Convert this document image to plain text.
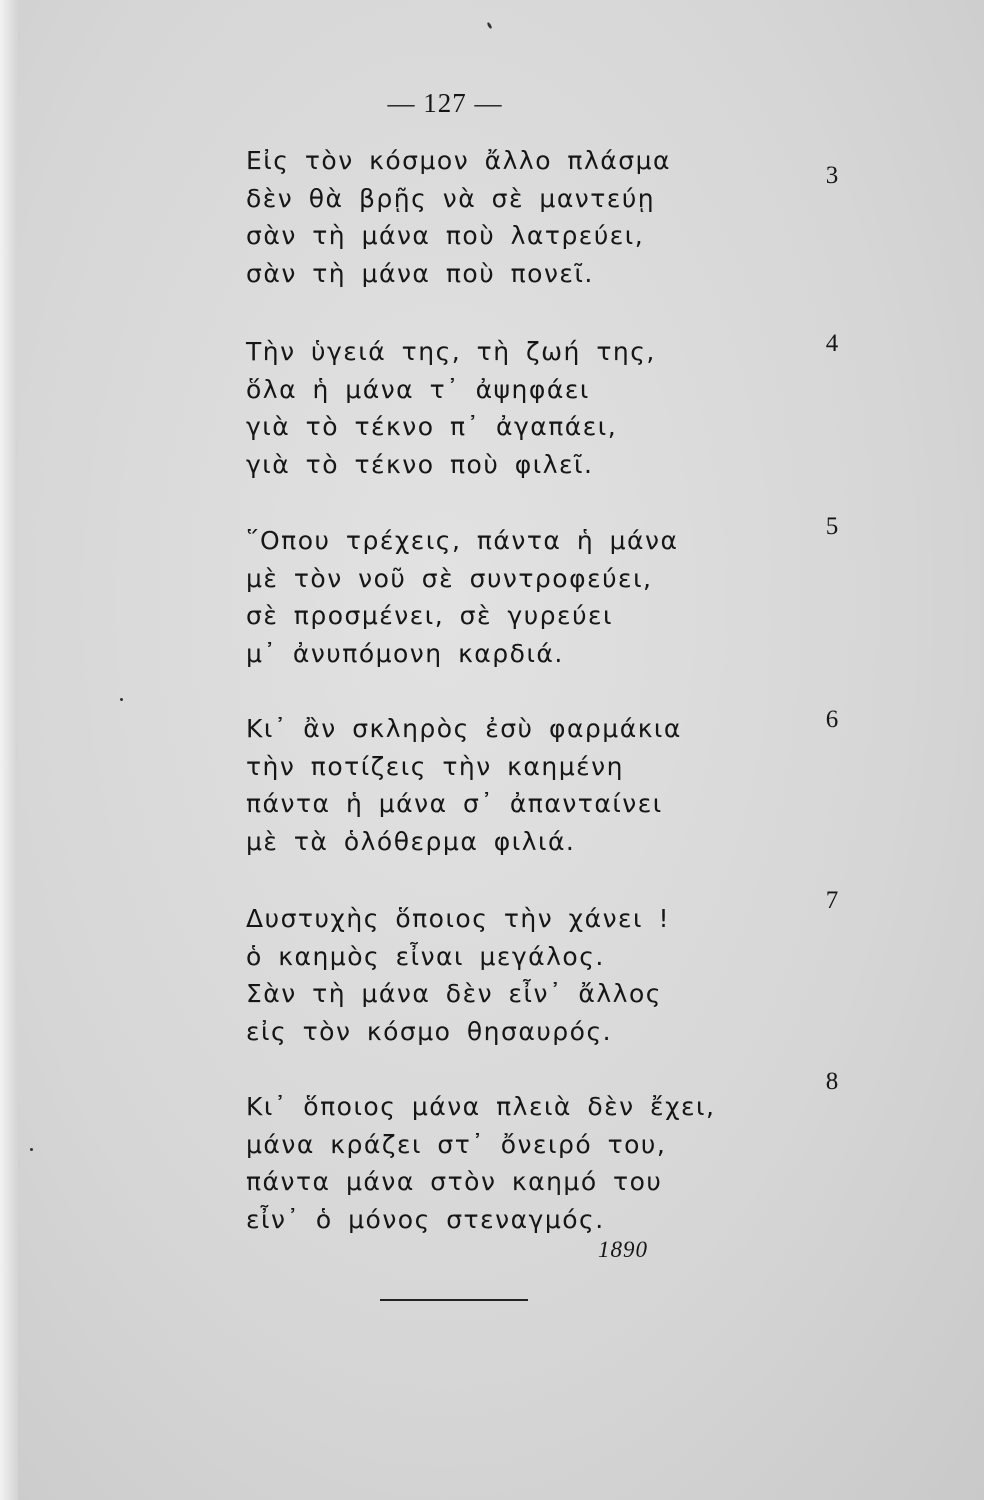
— 127 —
Εἰς τὸν κόσμον ἄλλο πλάσμα
δὲν θὰ βρῇς νὰ σὲ μαντεύῃ
σὰν τὴ μάνα ποὺ λατρεύει,
σὰν τὴ μάνα ποὺ πονεῖ.
3
Τὴν ὑγειά της, τὴ ζωή της,
ὅλα ἡ μάνα τ᾿ ἀψηφάει
γιὰ τὸ τέκνο π᾿ ἀγαπάει,
γιὰ τὸ τέκνο ποὺ φιλεῖ.
4
῞Οπου τρέχεις, πάντα ἡ μάνα
μὲ τὸν νοῦ σὲ συντροφεύει,
σὲ προσμένει, σὲ γυρεύει
μ᾿ ἀνυπόμονη καρδιά.
5
Κι᾿ ἂν σκληρὸς ἐσὺ φαρμάκια
τὴν ποτίζεις τὴν καημένη
πάντα ἡ μάνα σ᾿ ἀπανταίνει
μὲ τὰ ὁλόθερμα φιλιά.
6
Δυστυχὴς ὅποιος τὴν χάνει !
ὁ καημὸς εἶναι μεγάλος.
Σὰν τὴ μάνα δὲν εἶν᾿ ἄλλος
εἰς τὸν κόσμο θησαυρός.
7
Κι᾿ ὅποιος μάνα πλειὰ δὲν ἔχει,
μάνα κράζει στ᾿ ὄνειρό του,
πάντα μάνα στὸν καημό του
εἶν᾿ ὁ μόνος στεναγμός.
8
1890
